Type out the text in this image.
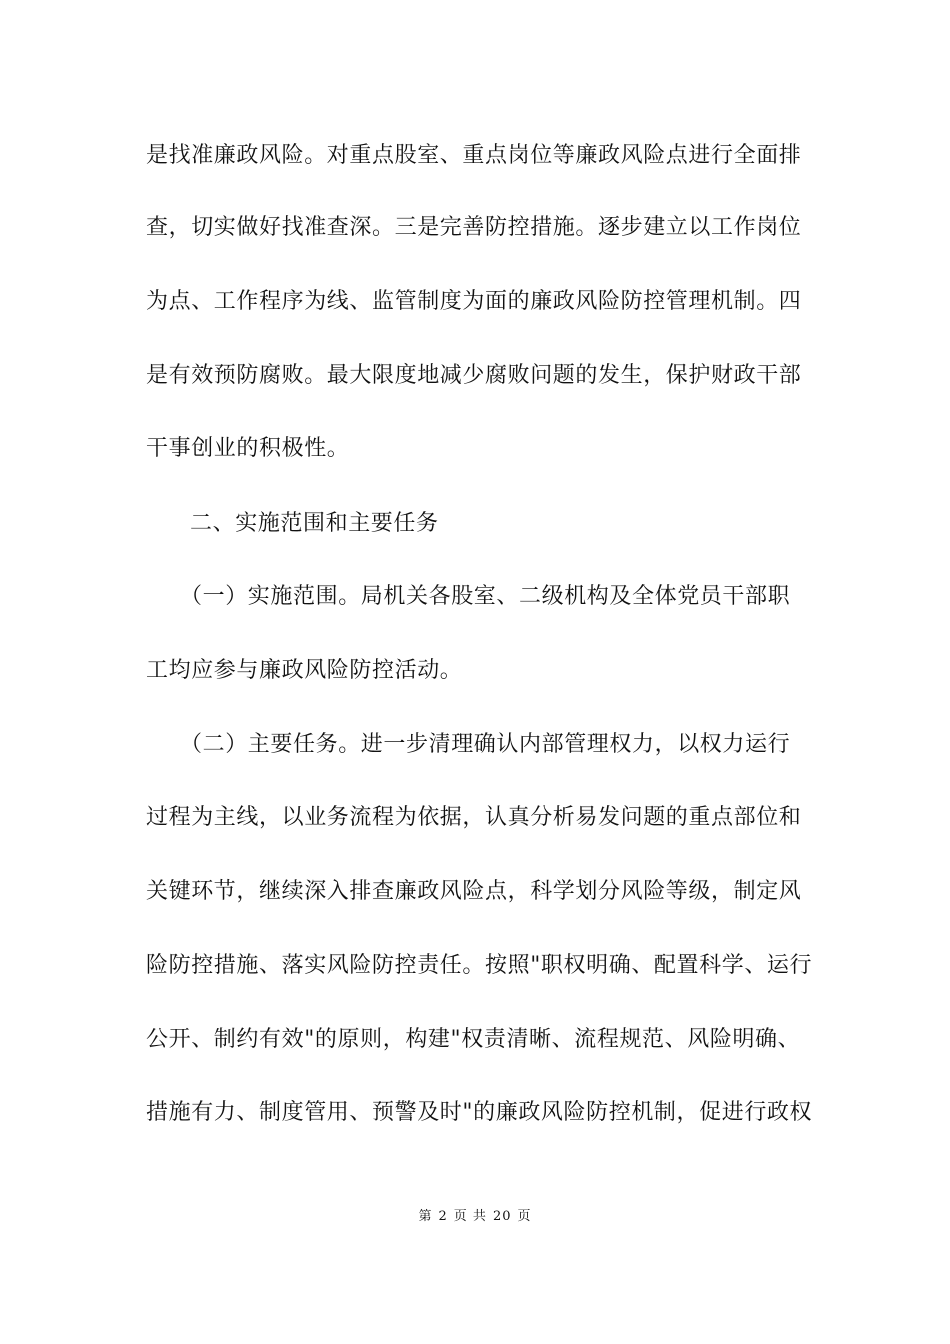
是找准廉政风险。对重点股室、重点岗位等廉政风险点进行全面排
查，切实做好找准查深。三是完善防控措施。逐步建立以工作岗位
为点、工作程序为线、监管制度为面的廉政风险防控管理机制。四
是有效预防腐败。最大限度地减少腐败问题的发生，保护财政干部
干事创业的积极性。
二、实施范围和主要任务
（一）实施范围。局机关各股室、二级机构及全体党员干部职
工均应参与廉政风险防控活动。
（二）主要任务。进一步清理确认内部管理权力，以权力运行
过程为主线，以业务流程为依据，认真分析易发问题的重点部位和
关键环节，继续深入排查廉政风险点，科学划分风险等级，制定风
险防控措施、落实风险防控责任。按照"职权明确、配置科学、运行
公开、制约有效"的原则，构建"权责清晰、流程规范、风险明确、
措施有力、制度管用、预警及时"的廉政风险防控机制，促进行政权
第 2 页 共 20 页
